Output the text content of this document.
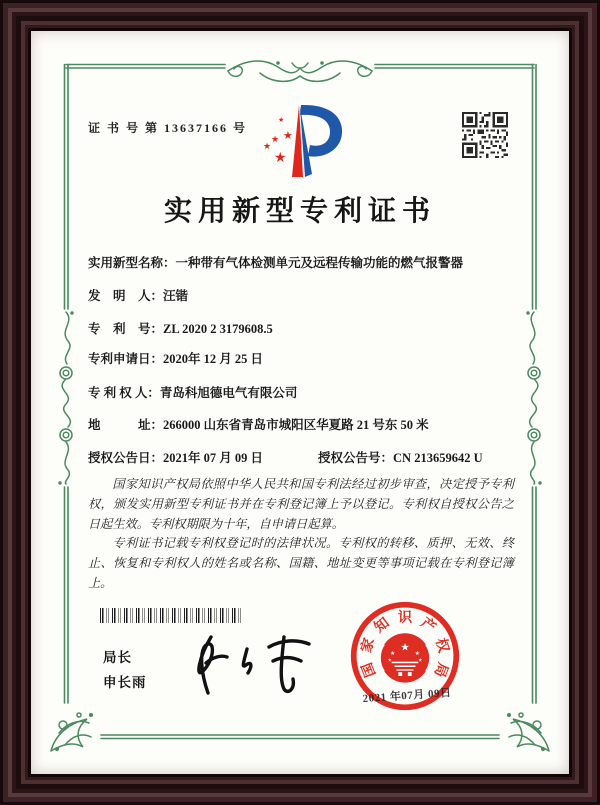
证 书 号 第 13637166 号
★
★ ★
★
★
实用新型专利证书
实用新型名称：一种带有气体检测单元及远程传输功能的燃气报警器
发　明　人：汪锴
专　利　号：ZL 2020 2 3179608.5
专利申请日：2020年 12 月 25 日
专 利 权 人：青岛科旭德电气有限公司
地　　　址：266000 山东省青岛市城阳区华夏路 21 号东 50 米
授权公告日：2021年 07 月 09 日	授权公告号：CN 213659642 U

国家知识产权局依照中华人民共和国专利法经过初步审查，决定授予专利权，颁发实用新型专利证书并在专利登记簿上予以登记。专利权自授权公告之日起生效。专利权期限为十年，自申请日起算。

专利证书记载专利权登记时的法律状况。专利权的转移、质押、无效、终止、恢复和专利权人的姓名或名称、国籍、地址变更等事项记载在专利登记簿上。

局长
申长雨
国
家
知 识 产
权
局
★
★	★
★	★
2021 年07月 09日
